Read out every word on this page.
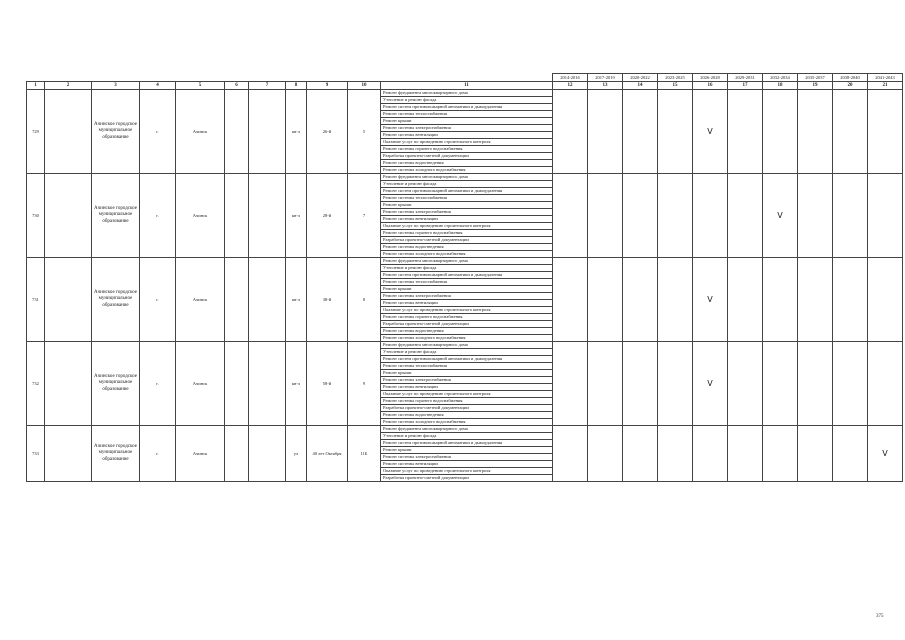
											2014-2016	2017-2019	2020-2022	2023-2025	2026-2028	2029-2031	2032-2034	2035-2037	2038-2040	2041-2043
1	2	3	4	5	6	7	8	9	10	11	12	13	14	15	16	17	18	19	20	21
729		Ачинское городское муниципальное образование	г.	Ачинск			кв-л	26-й	5	Ремонт фундамента многоквартирного дома					V					
										Утепление и ремонт фасада										
										Ремонт систем противопожарной автоматики и дымоудаления										
										Ремонт системы теплоснабжения										
										Ремонт крыши										
										Ремонт системы электроснабжения										
										Ремонт системы вентиляции										
										Оказание услуг по проведению строительного контроля										
										Ремонт системы горячего водоснабжения										
										Разработка проектно-сметной документации										
										Ремонт системы водоотведения										
										Ремонт системы холодного водоснабжения										
730		Ачинское городское муниципальное образование	г.	Ачинск			кв-л	28-й	7	Ремонт фундамента многоквартирного дома							V			
										Утепление и ремонт фасада										
										Ремонт систем противопожарной автоматики и дымоудаления										
										Ремонт системы теплоснабжения										
										Ремонт крыши										
										Ремонт системы электроснабжения										
										Ремонт системы вентиляции										
										Оказание услуг по проведению строительного контроля										
										Ремонт системы горячего водоснабжения										
										Разработка проектно-сметной документации										
										Ремонт системы водоотведения										
										Ремонт системы холодного водоснабжения										
731		Ачинское городское муниципальное образование	г.	Ачинск			кв-л	38-й	8	Ремонт фундамента многоквартирного дома					V					
										Утепление и ремонт фасада										
										Ремонт систем противопожарной автоматики и дымоудаления										
										Ремонт системы теплоснабжения										
										Ремонт крыши										
										Ремонт системы электроснабжения										
										Ремонт системы вентиляции										
										Оказание услуг по проведению строительного контроля										
										Ремонт системы горячего водоснабжения										
										Разработка проектно-сметной документации										
										Ремонт системы водоотведения										
										Ремонт системы холодного водоснабжения										
732		Ачинское городское муниципальное образование	г.	Ачинск			кв-л	58-й	9	Ремонт фундамента многоквартирного дома					V					
										Утепление и ремонт фасада										
										Ремонт систем противопожарной автоматики и дымоудаления										
										Ремонт системы теплоснабжения										
										Ремонт крыши										
										Ремонт системы электроснабжения										
										Ремонт системы вентиляции										
										Оказание услуг по проведению строительного контроля										
										Ремонт системы горячего водоснабжения										
										Разработка проектно-сметной документации										
										Ремонт системы водоотведения										
										Ремонт системы холодного водоснабжения										
733		Ачинское городское муниципальное образование	г.	Ачинск			ул	40 лет Октября	11Б	Ремонт фундамента многоквартирного дома										V
										Утепление и ремонт фасада										
										Ремонт систем противопожарной автоматики и дымоудаления										
										Ремонт крыши										
										Ремонт системы электроснабжения										
										Ремонт системы вентиляции										
										Оказание услуг по проведению строительного контроля										
										Разработка проектно-сметной документации										
375
